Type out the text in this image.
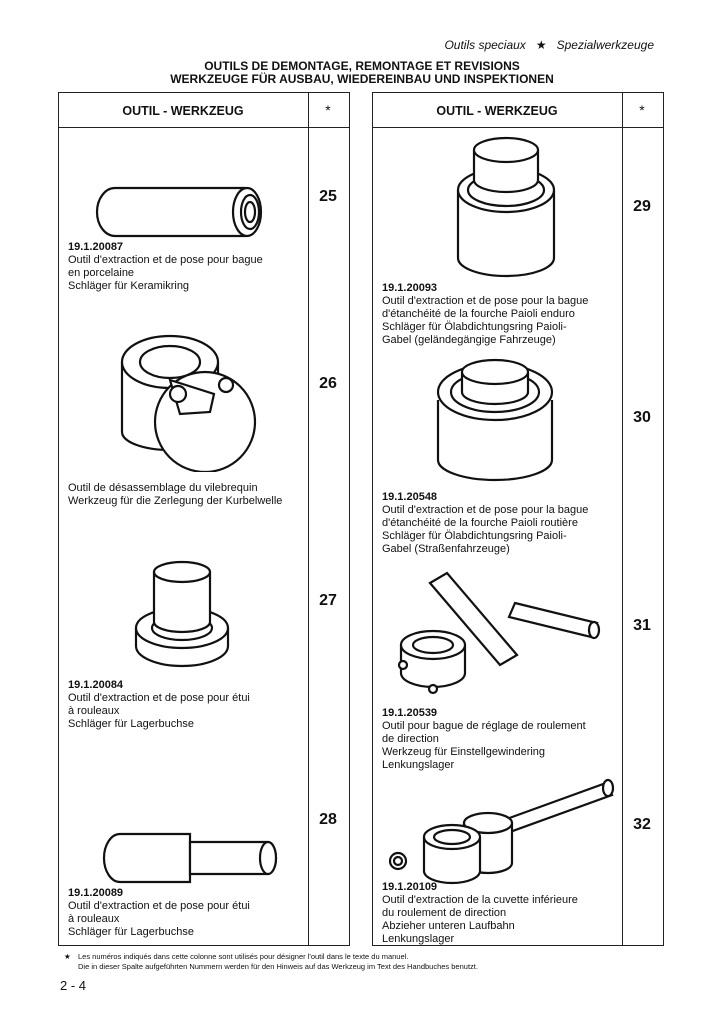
Outils speciaux ★ Spezialwerkzeuge
OUTILS DE DEMONTAGE, REMONTAGE ET REVISIONS
WERKZEUGE FÜR AUSBAU, WIEDEREINBAU UND INSPEKTIONEN
OUTIL - WERKZEUG	*	OUTIL - WERKZEUG	*
25
19.1.20087
Outil d'extraction et de pose pour bague
en porcelaine
Schläger für Keramikring
26
Outil de désassemblage du vilebrequin
Werkzeug für die Zerlegung der Kurbelwelle
27
19.1.20084
Outil d'extraction et de pose pour étui
à rouleaux
Schläger für Lagerbuchse
28
19.1.20089
Outil d'extraction et de pose pour étui
à rouleaux
Schläger für Lagerbuchse
29
19.1.20093
Outil d'extraction et de pose pour la bague
d'étanchéité de la fourche Paioli enduro
Schläger für Ölabdichtungsring Paioli-
Gabel (geländegängige Fahrzeuge)
30
19.1.20548
Outil d'extraction et de pose pour la bague
d'étanchéité de la fourche Paioli routière
Schläger für Ölabdichtungsring Paioli-
Gabel (Straßenfahrzeuge)
31
19.1.20539
Outil pour bague de réglage de roulement
de direction
Werkzeug für Einstellgewindering
Lenkungslager
32
19.1.20109
Outil d'extraction de la cuvette inférieure
du roulement de direction
Abzieher unteren Laufbahn
Lenkungslager
★ Les numéros indiqués dans cette colonne sont utilisés pour désigner l'outil dans le texte du manuel.
Die in dieser Spalte aufgeführten Nummern werden für den Hinweis auf das Werkzeug im Text des Handbuches benutzt.
2 - 4
